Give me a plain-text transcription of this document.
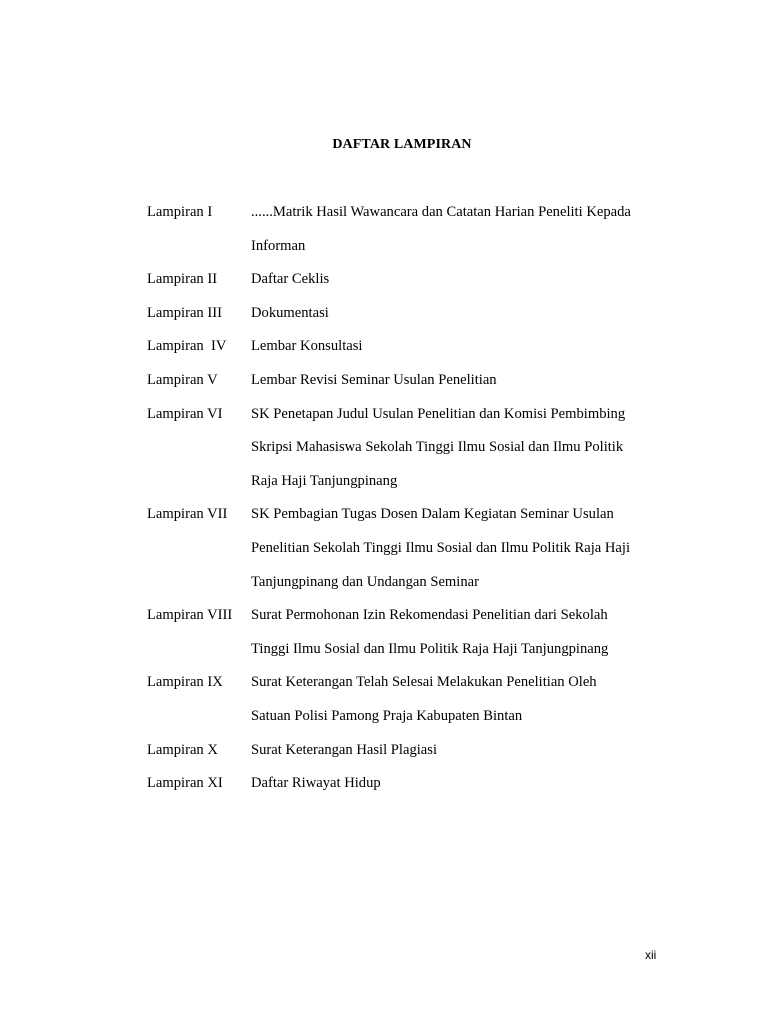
DAFTAR LAMPIRAN
Lampiran I	......Matrik Hasil Wawancara dan Catatan Harian Peneliti Kepada
Informan
Lampiran II	Daftar Ceklis
Lampiran III	Dokumentasi
Lampiran  IV	Lembar Konsultasi
Lampiran V	Lembar Revisi Seminar Usulan Penelitian
Lampiran VI	SK Penetapan Judul Usulan Penelitian dan Komisi Pembimbing
Skripsi Mahasiswa Sekolah Tinggi Ilmu Sosial dan Ilmu Politik
Raja Haji Tanjungpinang
Lampiran VII	SK Pembagian Tugas Dosen Dalam Kegiatan Seminar Usulan
Penelitian Sekolah Tinggi Ilmu Sosial dan Ilmu Politik Raja Haji
Tanjungpinang dan Undangan Seminar
Lampiran VIII	Surat Permohonan Izin Rekomendasi Penelitian dari Sekolah
Tinggi Ilmu Sosial dan Ilmu Politik Raja Haji Tanjungpinang
Lampiran IX	Surat Keterangan Telah Selesai Melakukan Penelitian Oleh
Satuan Polisi Pamong Praja Kabupaten Bintan
Lampiran X	Surat Keterangan Hasil Plagiasi
Lampiran XI	Daftar Riwayat Hidup
xii
